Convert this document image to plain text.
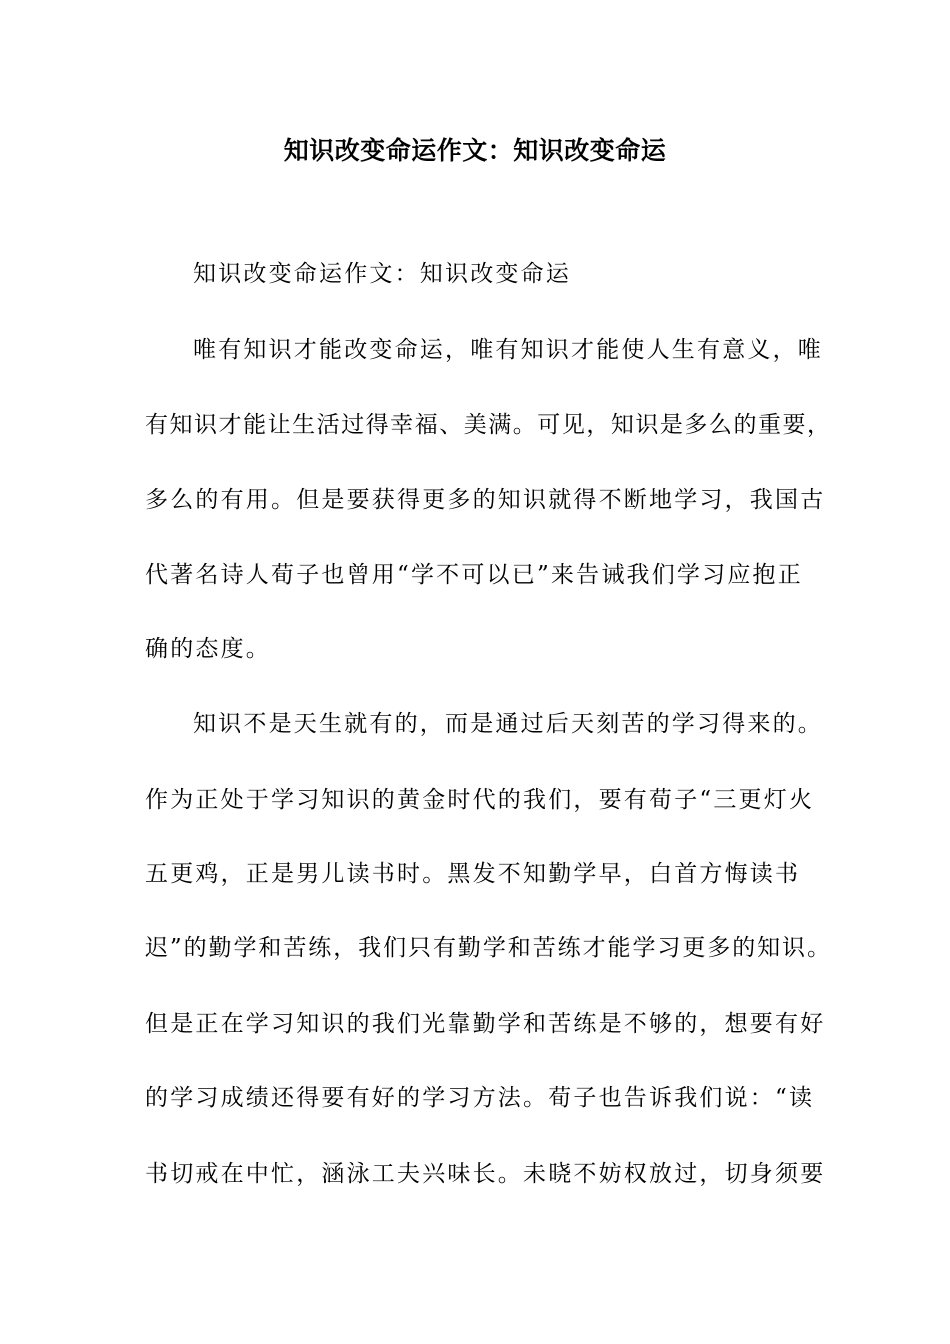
知识改变命运作文：知识改变命运
知识改变命运作文：知识改变命运
唯有知识才能改变命运，唯有知识才能使人生有意义，唯
有知识才能让生活过得幸福、美满。可见，知识是多么的重要，
多么的有用。但是要获得更多的知识就得不断地学习，我国古
代著名诗人荀子也曾用“学不可以已”来告诫我们学习应抱正
确的态度。
知识不是天生就有的，而是通过后天刻苦的学习得来的。
作为正处于学习知识的黄金时代的我们，要有荀子“三更灯火
五更鸡，正是男儿读书时。黑发不知勤学早，白首方悔读书
迟”的勤学和苦练，我们只有勤学和苦练才能学习更多的知识。
但是正在学习知识的我们光靠勤学和苦练是不够的，想要有好
的学习成绩还得要有好的学习方法。荀子也告诉我们说：“读
书切戒在中忙，涵泳工夫兴味长。未晓不妨权放过，切身须要
